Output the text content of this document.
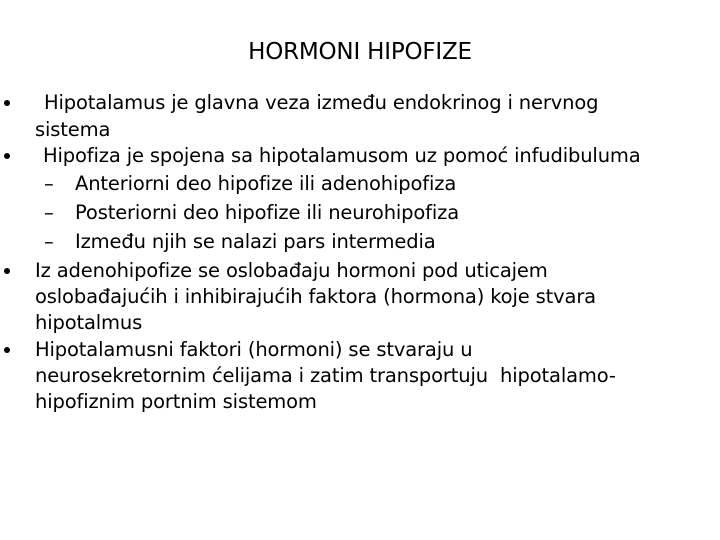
HORMONI HIPOFIZE
Hipotalamus je glavna veza između endokrinog i nervnog
sistema
Hipofiza je spojena sa hipotalamusom uz pomoć infudibuluma
– Anteriorni deo hipofize ili adenohipofiza
– Posteriorni deo hipofize ili neurohipofiza
– Između njih se nalazi pars intermedia
Iz adenohipofize se oslobađaju hormoni pod uticajem
oslobađajućih i inhibirajućih faktora (hormona) koje stvara
hipotalmus
Hipotalamusni faktori (hormoni) se stvaraju u
neurosekretornim ćelijama i zatim transportuju  hipotalamo-
hipofiznim portnim sistemom
